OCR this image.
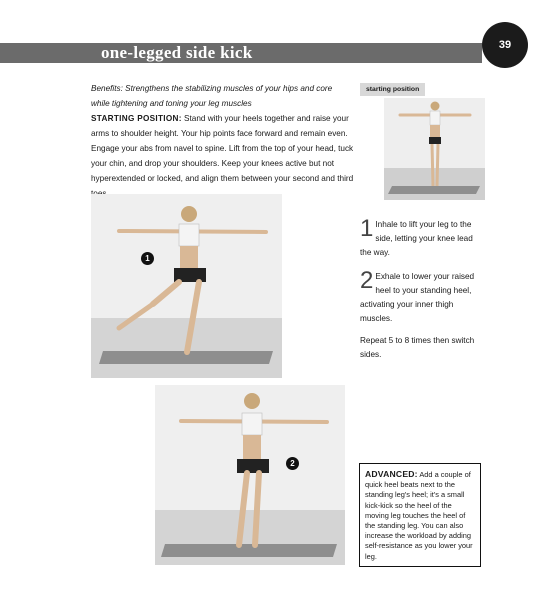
one-legged side kick	39
Benefits: Strengthens the stabilizing muscles of your hips and core while tightening and toning your leg muscles
STARTING POSITION: Stand with your heels together and raise your arms to shoulder height. Your hip points face forward and remain even. Engage your abs from navel to spine. Lift from the top of your head, tuck your chin, and drop your shoulders. Keep your knees active but not hyperextended or locked, and align them between your second and third
starting position
1
2
1 Inhale to lift your leg to the side, letting your knee lead the way.
2 Exhale to lower your raised heel to your standing heel, activating your inner thigh muscles.
Repeat 5 to 8 times then switch sides.
ADVANCED: Add a couple of quick heel beats next to the standing leg's heel; it's a small kick-kick so the heel of the moving leg touches the heel of the standing leg. You can also increase the workload by adding self-resistance as you lower your leg.
